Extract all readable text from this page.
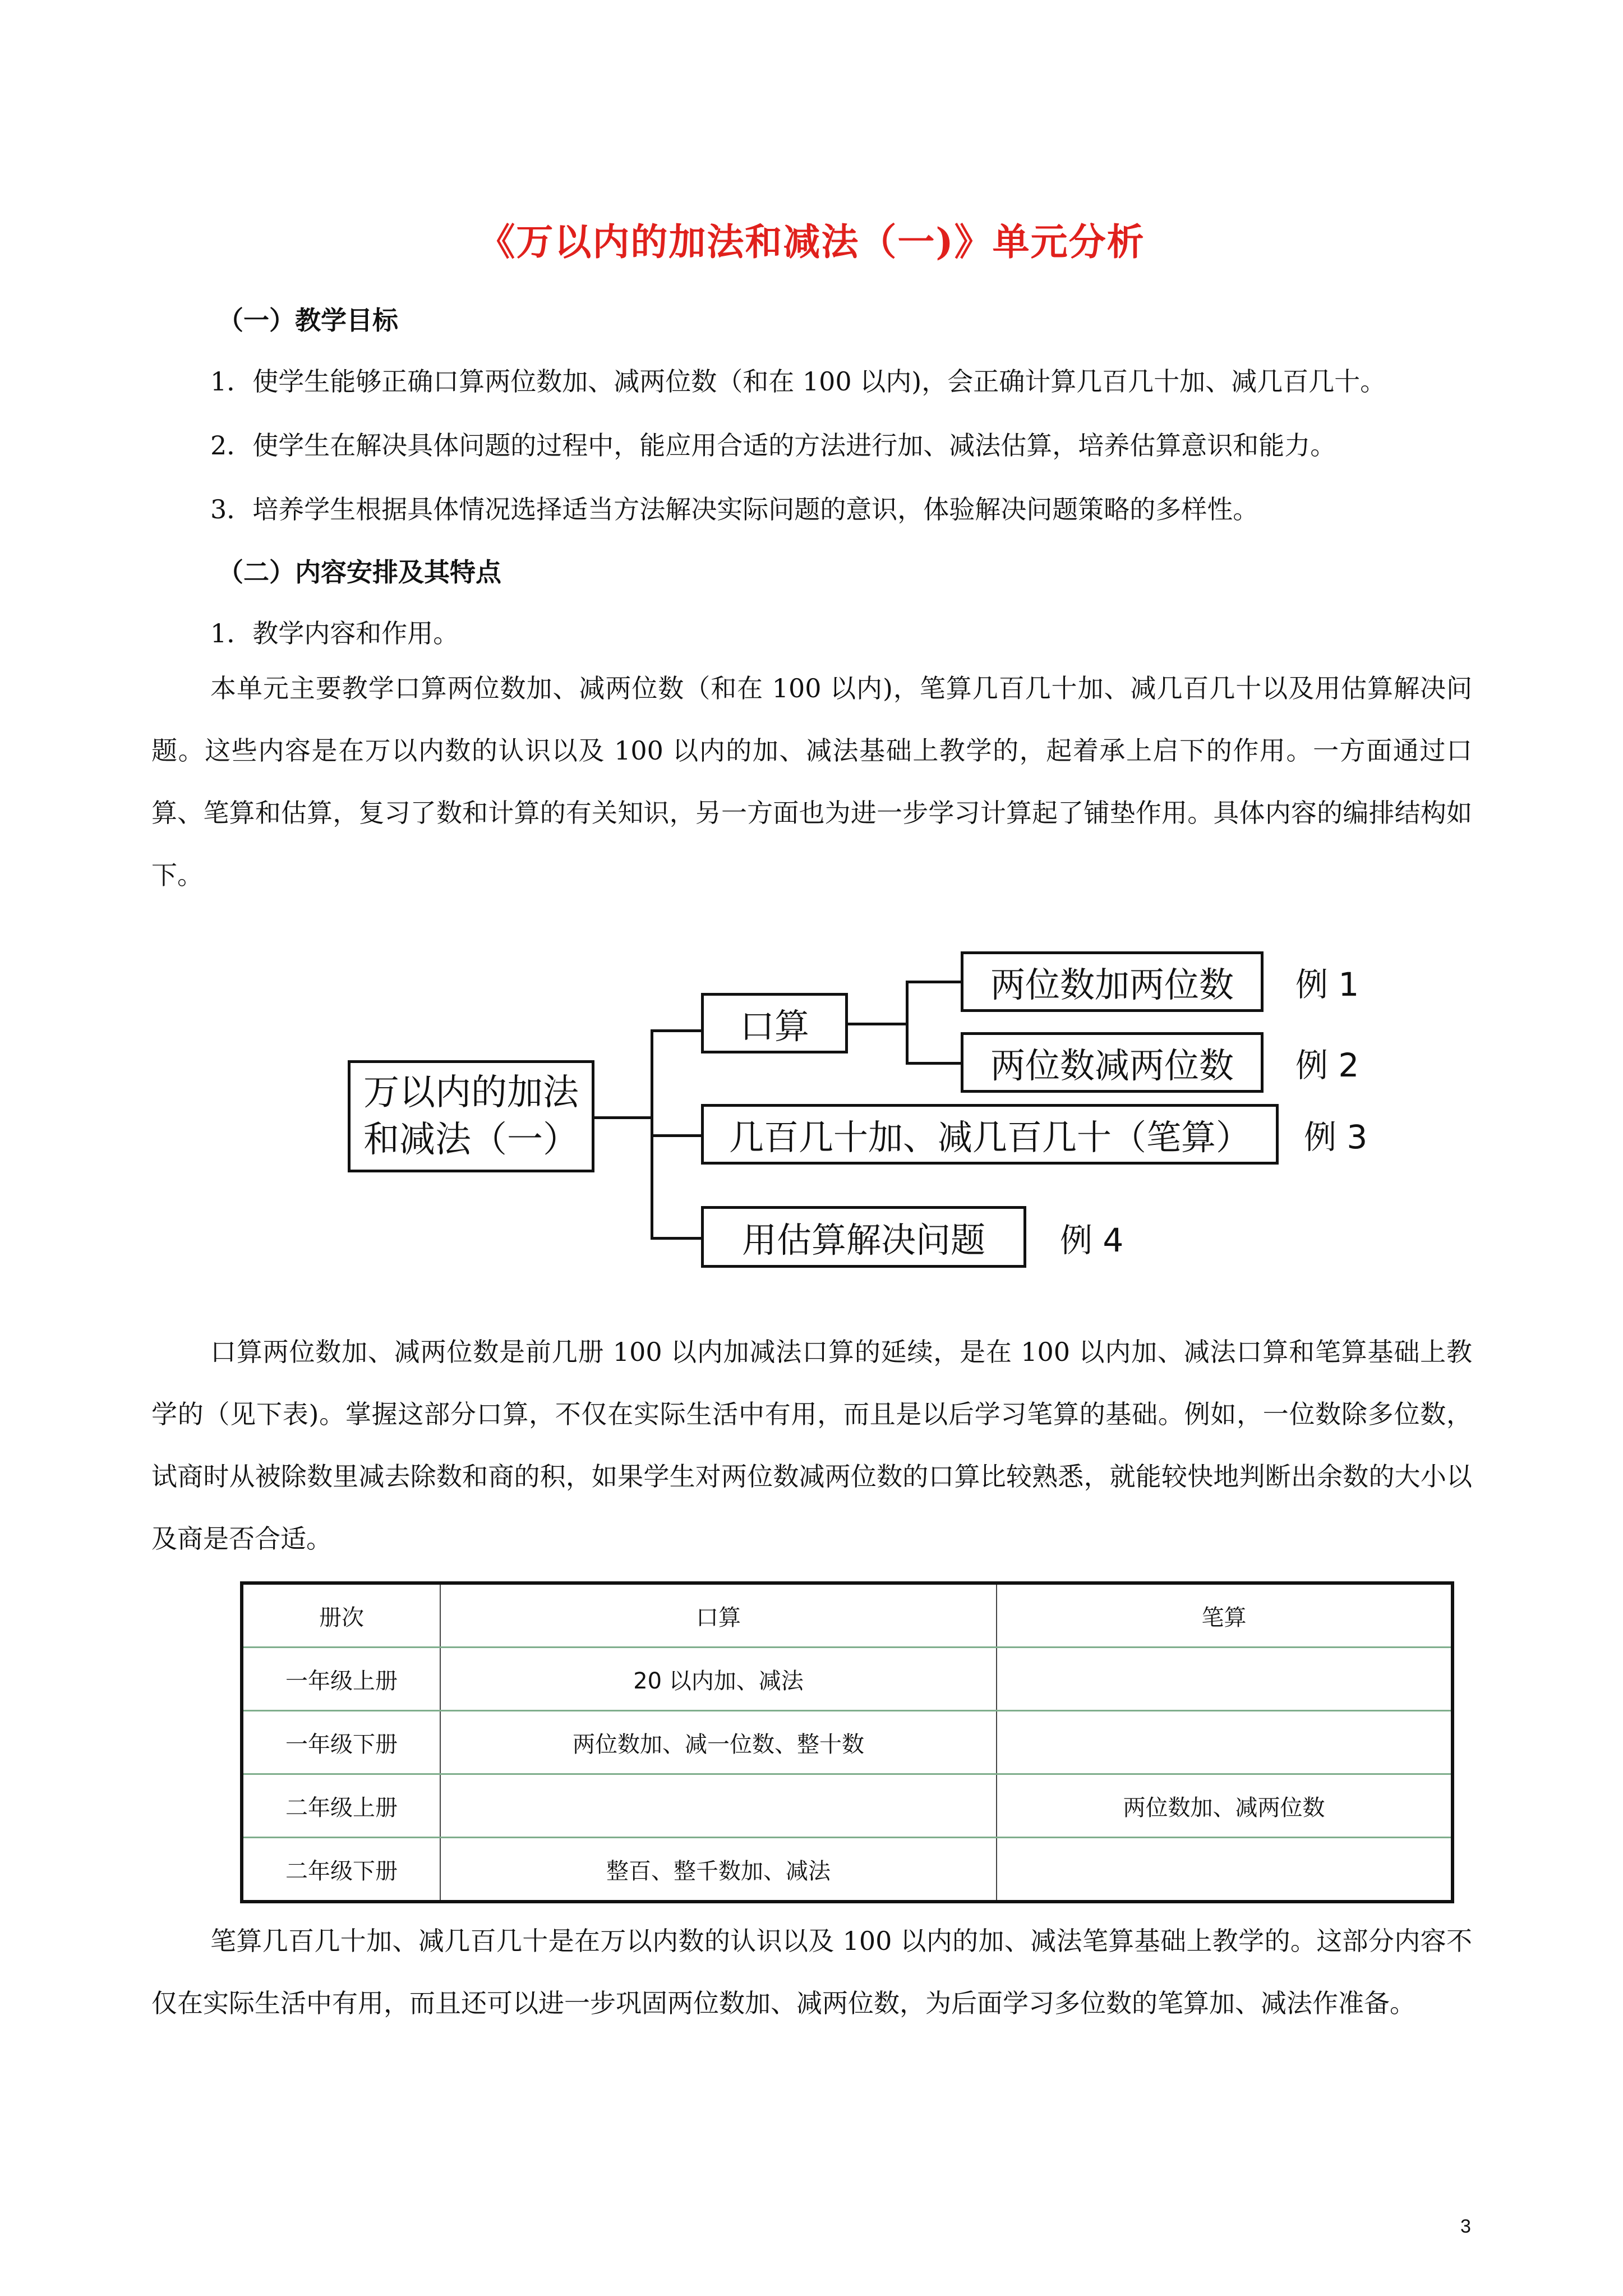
《万以内的加法和减法（一)》单元分析
（一）教学目标
1．使学生能够正确口算两位数加、减两位数（和在 100 以内)，会正确计算几百几十加、减几百几十。
2．使学生在解决具体问题的过程中，能应用合适的方法进行加、减法估算，培养估算意识和能力。
3．培养学生根据具体情况选择适当方法解决实际问题的意识，体验解决问题策略的多样性。
（二）内容安排及其特点
1．教学内容和作用。

本单元主要教学口算两位数加、减两位数（和在 100 以内)，笔算几百几十加、减几百几十以及用估算解决问题。这些内容是在万以内数的认识以及 100 以内的加、减法基础上教学的，起着承上启下的作用。一方面通过口算、笔算和估算，复习了数和计算的有关知识，另一方面也为进一步学习计算起了铺垫作用。具体内容的编排结构如下。

万以内的加法
和减法（一）
口算
两位数加两位数
两位数减两位数
几百几十加、减几百几十（笔算）
用估算解决问题
例 1
例 2
例 3
例 4

口算两位数加、减两位数是前几册 100 以内加减法口算的延续，是在 100 以内加、减法口算和笔算基础上教学的（见下表)。掌握这部分口算，不仅在实际生活中有用，而且是以后学习笔算的基础。例如，一位数除多位数，试商时从被除数里减去除数和商的积，如果学生对两位数减两位数的口算比较熟悉，就能较快地判断出余数的大小以及商是否合适。

册次	口算	笔算
一年级上册	20 以内加、减法	
一年级下册	两位数加、减一位数、整十数	
二年级上册		两位数加、减两位数
二年级下册	整百、整千数加、减法	

笔算几百几十加、减几百几十是在万以内数的认识以及 100 以内的加、减法笔算基础上教学的。这部分内容不仅在实际生活中有用，而且还可以进一步巩固两位数加、减两位数，为后面学习多位数的笔算加、减法作准备。

3
